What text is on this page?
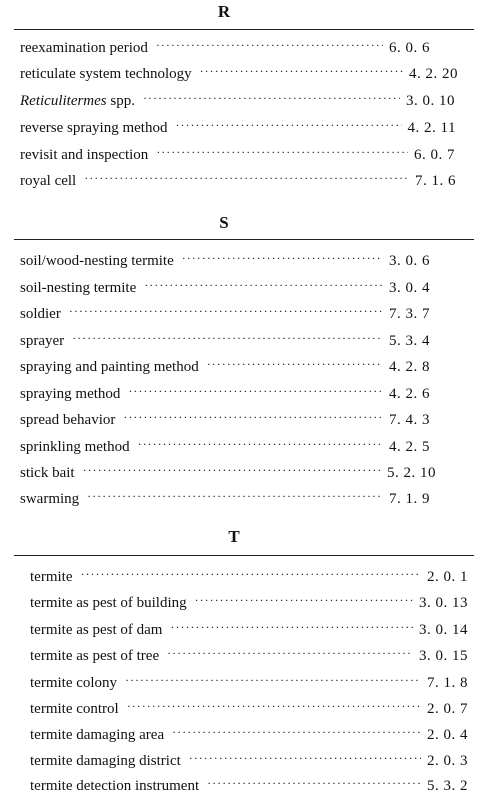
R
reexamination period ·····	6. 0. 6
reticulate system technology ·····	4. 2. 20
Reticulitermes spp. ·····	3. 0. 10
reverse spraying method ·····	4. 2. 11
revisit and inspection ·····	6. 0. 7
royal cell ·····	7. 1. 6
S
soil/wood-nesting termite ·····	3. 0. 6
soil-nesting termite ·····	3. 0. 4
soldier ·····	7. 3. 7
sprayer ·····	5. 3. 4
spraying and painting method ·····	4. 2. 8
spraying method ·····	4. 2. 6
spread behavior ·····	7. 4. 3
sprinkling method ·····	4. 2. 5
stick bait ·····	5. 2. 10
swarming ·····	7. 1. 9
T
termite ·····	2. 0. 1
termite as pest of building ·····	3. 0. 13
termite as pest of dam ·····	3. 0. 14
termite as pest of tree ·····	3. 0. 15
termite colony ·····	7. 1. 8
termite control ·····	2. 0. 7
termite damaging area ·····	2. 0. 4
termite damaging district ·····	2. 0. 3
termite detection instrument ·····	5. 3. 2
